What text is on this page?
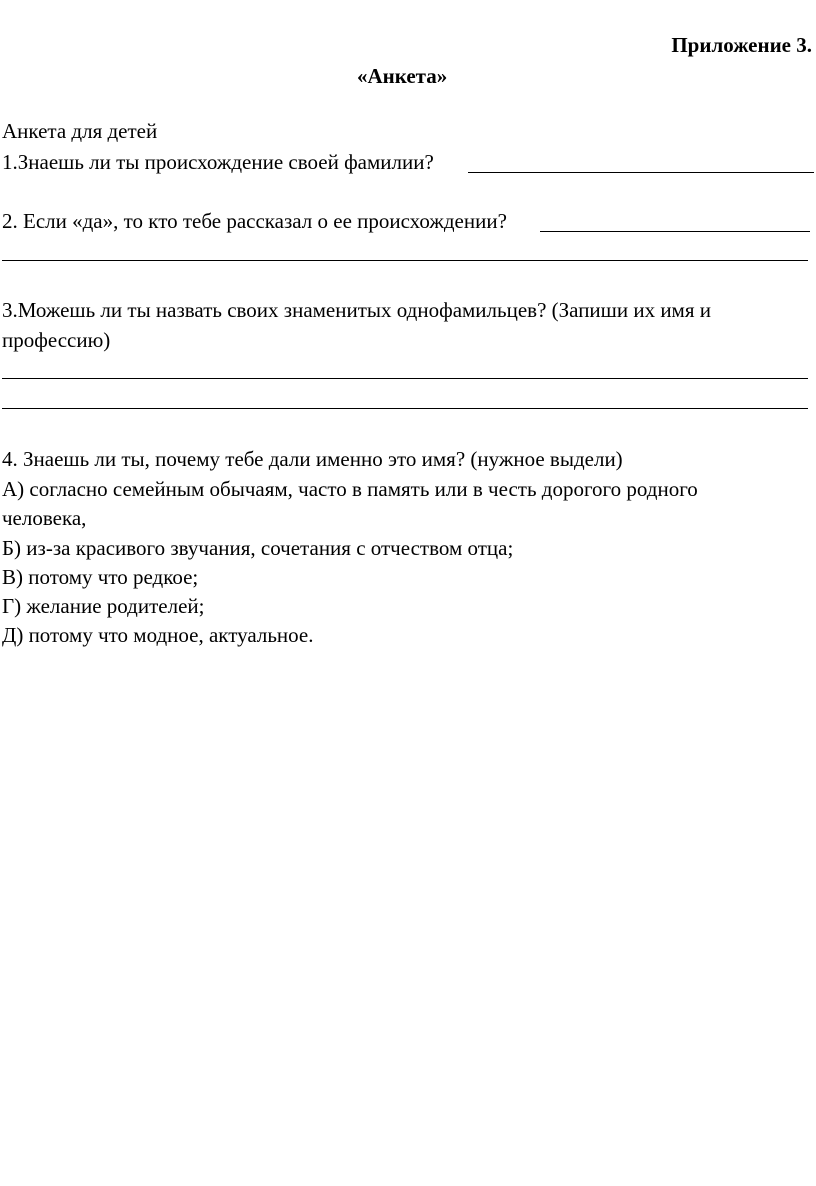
Приложение 3.
«Анкета»
Анкета для детей
1.Знаешь ли ты происхождение своей фамилии?
2. Если «да», то кто тебе рассказал о ее происхождении?
3.Можешь ли ты назвать своих знаменитых однофамильцев? (Запиши их имя и
профессию)
4. Знаешь ли ты, почему тебе дали именно это имя? (нужное выдели)
А) согласно семейным обычаям, часто в память или в честь дорогого родного
человека,
Б) из-за красивого звучания, сочетания с отчеством отца;
В) потому что редкое;
Г) желание родителей;
Д) потому что модное, актуальное.
